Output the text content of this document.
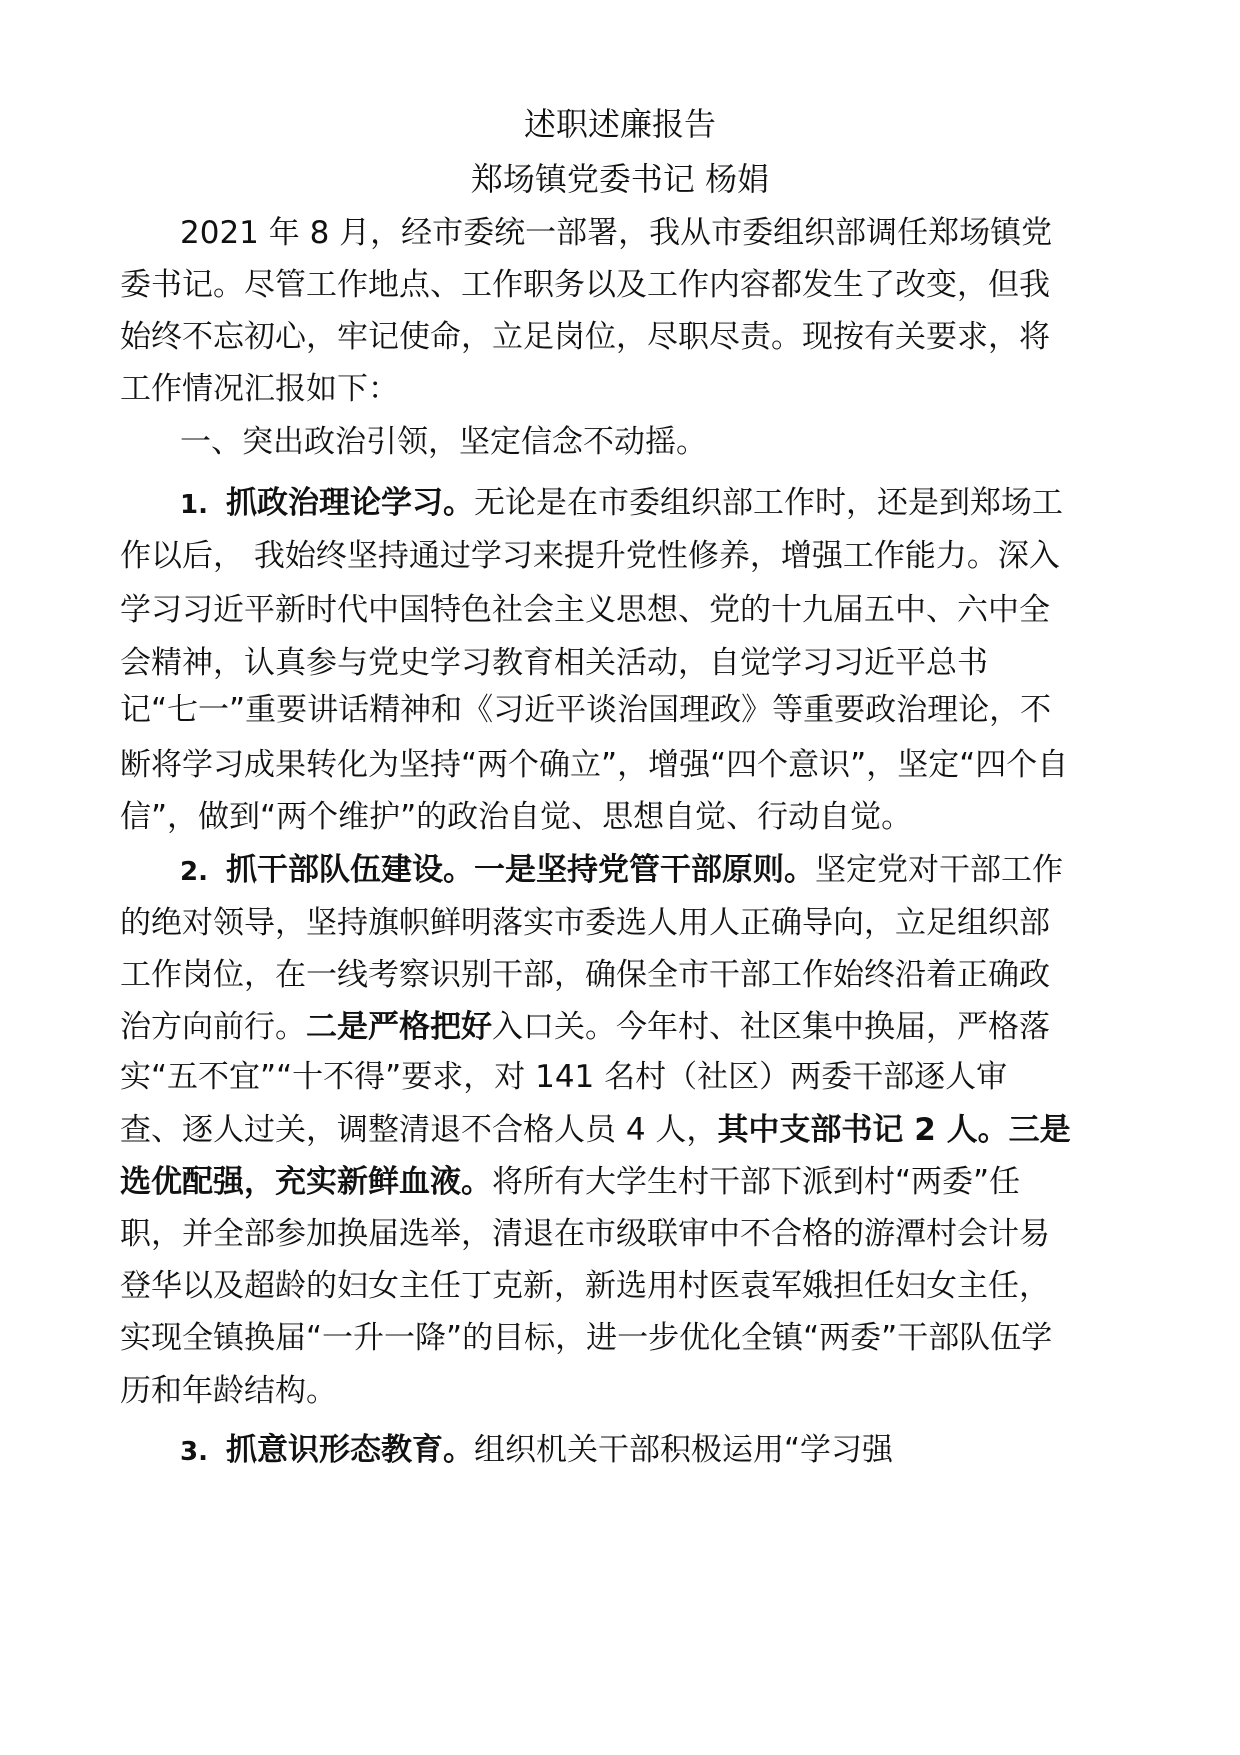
述职述廉报告
郑场镇党委书记 杨娟
2021 年 8 月，经市委统一部署，我从市委组织部调任郑场镇党
委书记。尽管工作地点、工作职务以及工作内容都发生了改变，但我
始终不忘初心，牢记使命，立足岗位，尽职尽责。现按有关要求，将
工作情况汇报如下：
一、突出政治引领，坚定信念不动摇。
1. 抓政治理论学习。无论是在市委组织部工作时，还是到郑场工
作以后， 我始终坚持通过学习来提升党性修养，增强工作能力。深入
学习习近平新时代中国特色社会主义思想、党的十九届五中、六中全
会精神，认真参与党史学习教育相关活动，自觉学习习近平总书
记“七一”重要讲话精神和《习近平谈治国理政》等重要政治理论，不
断将学习成果转化为坚持“两个确立”，增强“四个意识”，坚定“四个自
信”，做到“两个维护”的政治自觉、思想自觉、行动自觉。
2. 抓干部队伍建设。一是坚持党管干部原则。坚定党对干部工作
的绝对领导，坚持旗帜鲜明落实市委选人用人正确导向，立足组织部
工作岗位，在一线考察识别干部，确保全市干部工作始终沿着正确政
治方向前行。二是严格把好入口关。今年村、社区集中换届，严格落
实“五不宜”“十不得”要求，对 141 名村（社区）两委干部逐人审
查、逐人过关，调整清退不合格人员 4 人，其中支部书记 2 人。三是
选优配强，充实新鲜血液。将所有大学生村干部下派到村“两委”任
职，并全部参加换届选举，清退在市级联审中不合格的游潭村会计易
登华以及超龄的妇女主任丁克新，新选用村医袁军娥担任妇女主任，
实现全镇换届“一升一降”的目标，进一步优化全镇“两委”干部队伍学
历和年龄结构。
3. 抓意识形态教育。组织机关干部积极运用“学习强
